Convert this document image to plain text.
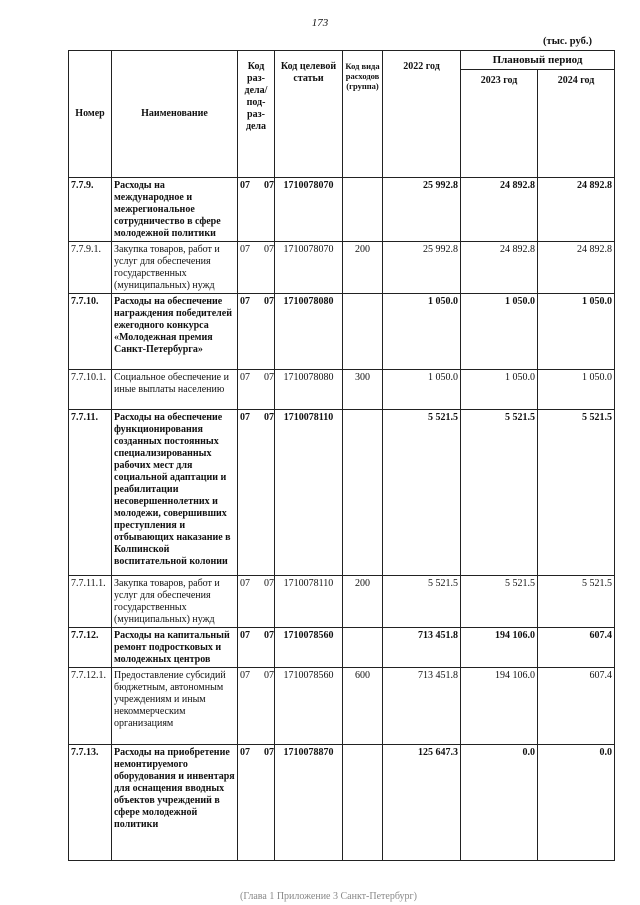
173
(тыс. руб.)
Номер	Наименование	Код раз-дела/ под-раз-дела	Код целевой статьи	Код вида расходов (группа)	2022 год	Плановый период	
						2023 год	2024 год
7.7.9.	Расходы на международное и межрегиональное сотрудничество в сфере молодежной политики	07 07	1710078070		25 992.8	24 892.8	24 892.8
7.7.9.1.	Закупка товаров, работ и услуг для обеспечения государственных (муниципальных) нужд	07 07	1710078070	200	25 992.8	24 892.8	24 892.8
7.7.10.	Расходы на обеспечение награждения победителей ежегодного конкурса «Молодежная премия Санкт-Петербурга»	07 07	1710078080		1 050.0	1 050.0	1 050.0
7.7.10.1.	Социальное обеспечение и иные выплаты населению	07 07	1710078080	300	1 050.0	1 050.0	1 050.0
7.7.11.	Расходы на обеспечение функционирования созданных постоянных специализированных рабочих мест для социальной адаптации и реабилитации несовершеннолетних и молодежи, совершивших преступления и отбывающих наказание в Колпинской воспитательной колонии	07 07	1710078110		5 521.5	5 521.5	5 521.5
7.7.11.1.	Закупка товаров, работ и услуг для обеспечения государственных (муниципальных) нужд	07 07	1710078110	200	5 521.5	5 521.5	5 521.5
7.7.12.	Расходы на капитальный ремонт подростковых и молодежных центров	07 07	1710078560		713 451.8	194 106.0	607.4
7.7.12.1.	Предоставление субсидий бюджетным, автономным учреждениям и иным некоммерческим организациям	07 07	1710078560	600	713 451.8	194 106.0	607.4
7.7.13.	Расходы на приобретение немонтируемого оборудования и инвентаря для оснащения вводных объектов учреждений в сфере молодежной политики	07 07	1710078870		125 647.3	0.0	0.0
(Глава 1 Приложение 3 Санкт-Петербург)
